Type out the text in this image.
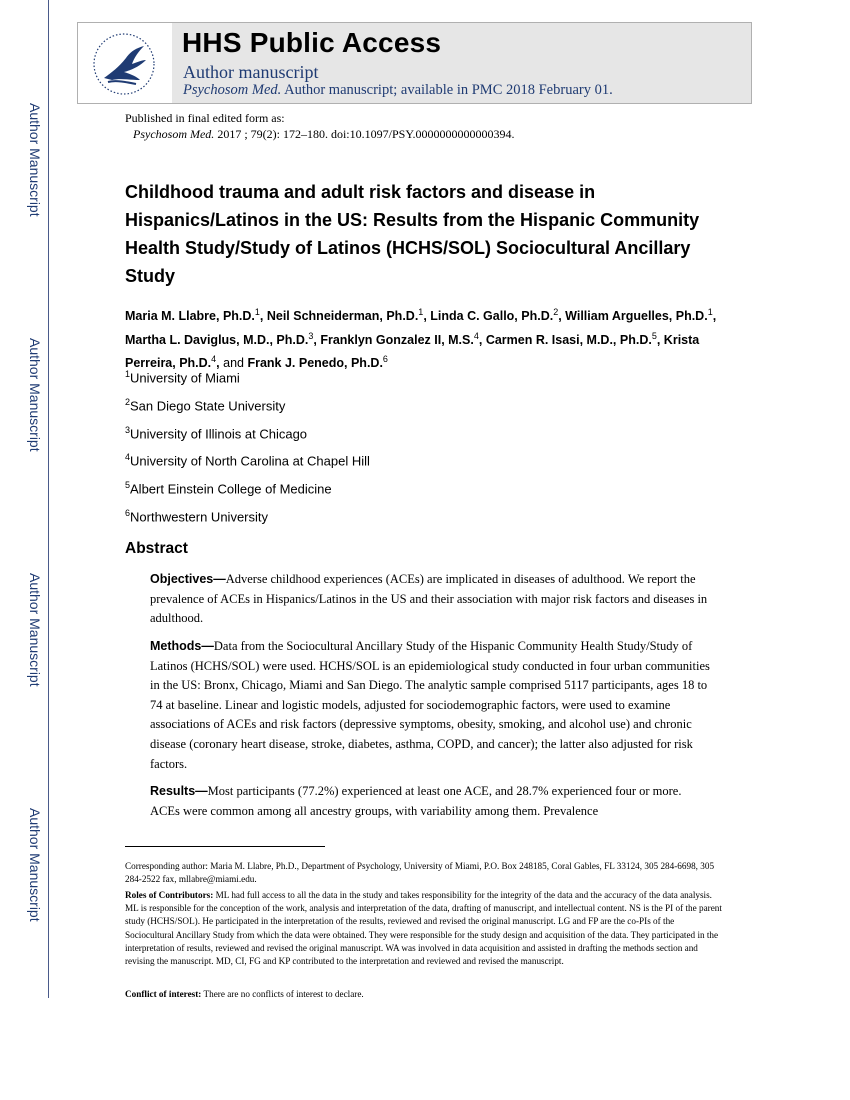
Author Manuscript
Author Manuscript
Author Manuscript
Author Manuscript
HHS Public Access
Author manuscript
Psychosom Med. Author manuscript; available in PMC 2018 February 01.
Published in final edited form as:
Psychosom Med. 2017 ; 79(2): 172–180. doi:10.1097/PSY.0000000000000394.
Childhood trauma and adult risk factors and disease in Hispanics/Latinos in the US: Results from the Hispanic Community Health Study/Study of Latinos (HCHS/SOL) Sociocultural Ancillary Study
Maria M. Llabre, Ph.D.$^1$, Neil Schneiderman, Ph.D.$^1$, Linda C. Gallo, Ph.D.$^2$, William Arguelles, Ph.D.$^1$, Martha L. Daviglus, M.D., Ph.D.$^3$, Franklyn Gonzalez II, M.S.$^4$, Carmen R. Isasi, M.D., Ph.D.$^5$, Krista Perreira, Ph.D.$^4$, and Frank J. Penedo, Ph.D.$^6$
$^1$University of Miami
$^2$San Diego State University
$^3$University of Illinois at Chicago
$^4$University of North Carolina at Chapel Hill
$^5$Albert Einstein College of Medicine
$^6$Northwestern University
Abstract
Objectives—Adverse childhood experiences (ACEs) are implicated in diseases of adulthood. We report the prevalence of ACEs in Hispanics/Latinos in the US and their association with major risk factors and diseases in adulthood.
Methods—Data from the Sociocultural Ancillary Study of the Hispanic Community Health Study/Study of Latinos (HCHS/SOL) were used. HCHS/SOL is an epidemiological study conducted in four urban communities in the US: Bronx, Chicago, Miami and San Diego. The analytic sample comprised 5117 participants, ages 18 to 74 at baseline. Linear and logistic models, adjusted for sociodemographic factors, were used to examine associations of ACEs and risk factors (depressive symptoms, obesity, smoking, and alcohol use) and chronic disease (coronary heart disease, stroke, diabetes, asthma, COPD, and cancer); the latter also adjusted for risk factors.
Results—Most participants (77.2%) experienced at least one ACE, and 28.7% experienced four or more. ACEs were common among all ancestry groups, with variability among them. Prevalence
Corresponding author: Maria M. Llabre, Ph.D., Department of Psychology, University of Miami, P.O. Box 248185, Coral Gables, FL 33124, 305 284-6698, 305 284-2522 fax, mllabre@miami.edu.
Roles of Contributors: ML had full access to all the data in the study and takes responsibility for the integrity of the data and the accuracy of the data analysis. ML is responsible for the conception of the work, analysis and interpretation of the data, drafting of manuscript, and intellectual content. NS is the PI of the parent study (HCHS/SOL). He participated in the interpretation of the results, reviewed and revised the original manuscript. LG and FP are the co-PIs of the Sociocultural Ancillary Study from which the data were obtained. They were responsible for the study design and acquisition of the data. They participated in the interpretation of results, reviewed and revised the original manuscript. WA was involved in data acquisition and assisted in drafting the methods section and revising the manuscript. MD, CI, FG and KP contributed to the interpretation and reviewed and revised the manuscript.
Conflict of interest: There are no conflicts of interest to declare.
